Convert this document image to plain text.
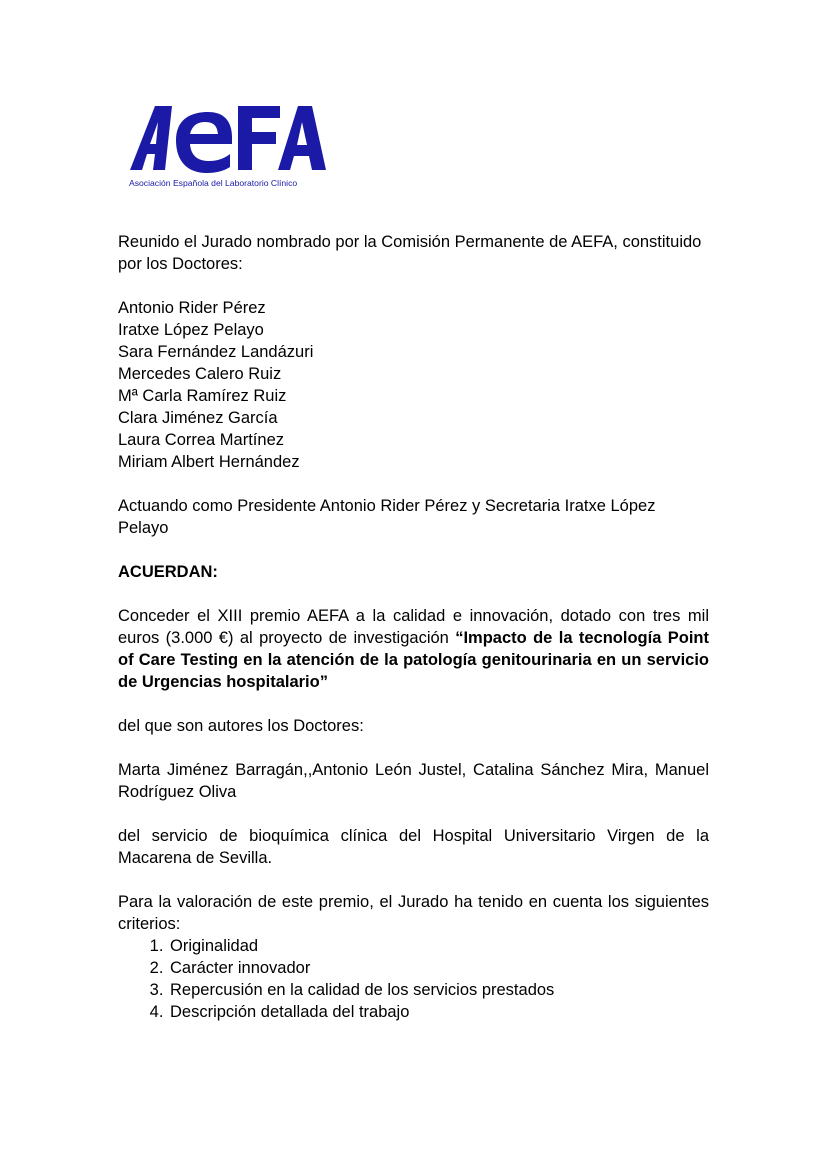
Asociación Española del Laboratorio Clínico

Reunido el Jurado nombrado por la Comisión Permanente de AEFA, constituido por los Doctores:

Antonio Rider Pérez

Iratxe López Pelayo

Sara Fernández Landázuri

Mercedes Calero Ruiz

Mª Carla Ramírez Ruiz

Clara Jiménez García

Laura Correa Martínez

Miriam Albert Hernández

Actuando como Presidente Antonio Rider Pérez y Secretaria Iratxe López Pelayo

ACUERDAN:

Conceder el XIII premio AEFA a la calidad e innovación, dotado con tres mil euros (3.000 €) al proyecto de investigación “Impacto de la tecnología Point of Care Testing en la atención de la patología genitourinaria en un servicio de Urgencias hospitalario”

del que son autores los Doctores:

Marta Jiménez Barragán,,Antonio León Justel, Catalina Sánchez Mira, Manuel Rodríguez Oliva

del servicio de bioquímica clínica del Hospital Universitario Virgen de la Macarena de Sevilla.

Para la valoración de este premio, el Jurado ha tenido en cuenta los siguientes criterios:

1. Originalidad
2. Carácter innovador
3. Repercusión en la calidad de los servicios prestados
4. Descripción detallada del trabajo
